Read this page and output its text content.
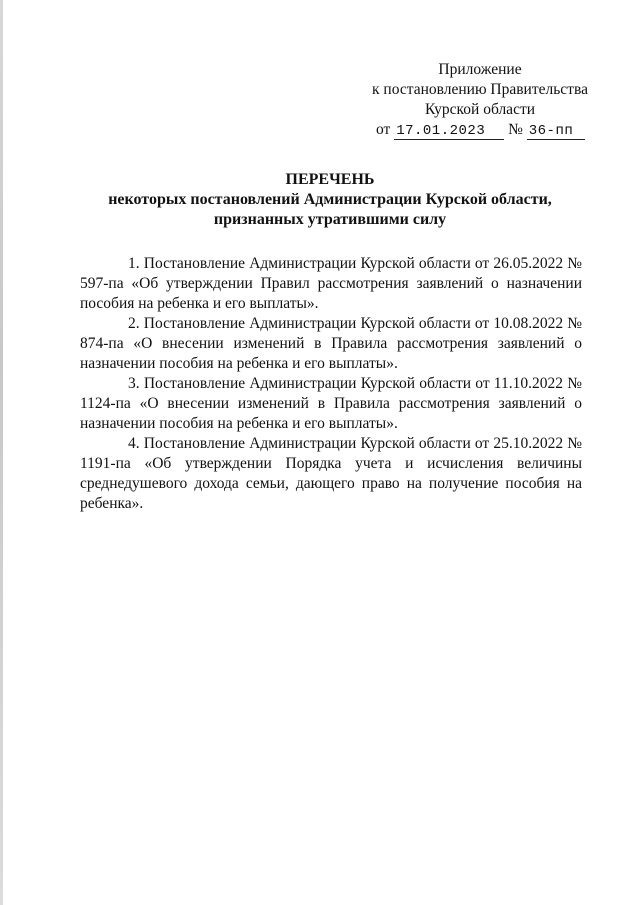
Приложение
к постановлению Правительства
Курской области
от 17.01.2023 № 36-пп
ПЕРЕЧЕНЬ
некоторых постановлений Администрации Курской области,
признанных утратившими силу

1. Постановление Администрации Курской области от 26.05.2022 № 597-па «Об утверждении Правил рассмотрения заявлений о назначении пособия на ребенка и его выплаты».

2. Постановление Администрации Курской области от 10.08.2022 № 874-па «О внесении изменений в Правила рассмотрения заявлений о назначении пособия на ребенка и его выплаты».

3. Постановление Администрации Курской области от 11.10.2022 № 1124-па «О внесении изменений в Правила рассмотрения заявлений о назначении пособия на ребенка и его выплаты».

4. Постановление Администрации Курской области от 25.10.2022 № 1191-па «Об утверждении Порядка учета и исчисления величины среднедушевого дохода семьи, дающего право на получение пособия на ребенка».
